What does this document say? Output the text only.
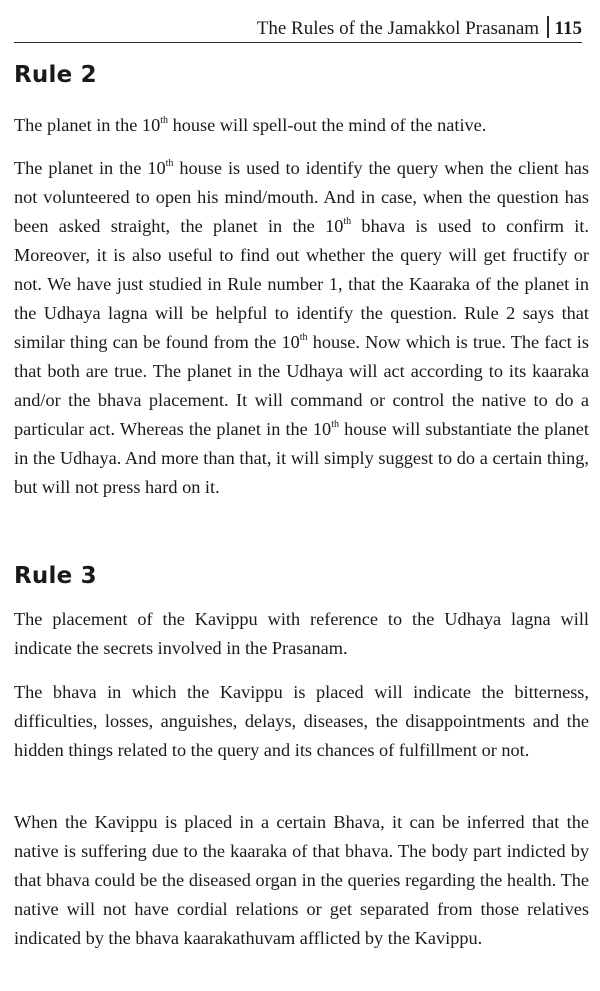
The Rules of the Jamakkol Prasanam 115
Rule 2

The planet in the 10th house will spell-out the mind of the native.

The planet in the 10th house is used to identify the query when the client has not volunteered to open his mind/mouth. And in case, when the question has been asked straight, the planet in the 10th bhava is used to confirm it. Moreover, it is also useful to find out whether the query will get fructify or not. We have just studied in Rule number 1, that the Kaaraka of the planet in the Udhaya lagna will be helpful to identify the question. Rule 2 says that similar thing can be found from the 10th house. Now which is true. The fact is that both are true. The planet in the Udhaya will act according to its kaaraka and/or the bhava placement. It will command or control the native to do a particular act. Whereas the planet in the 10th house will substantiate the planet in the Udhaya. And more than that, it will simply suggest to do a certain thing, but will not press hard on it.

Rule 3

The placement of the Kavippu with reference to the Udhaya lagna will indicate the secrets involved in the Prasanam.

The bhava in which the Kavippu is placed will indicate the bitterness, difficulties, losses, anguishes, delays, diseases, the disappointments and the hidden things related to the query and its chances of fulfillment or not.

When the Kavippu is placed in a certain Bhava, it can be inferred that the native is suffering due to the kaaraka of that bhava. The body part indicted by that bhava could be the diseased organ in the queries regarding the health. The native will not have cordial relations or get separated from those relatives indicated by the bhava kaarakathuvam afflicted by the Kavippu.
